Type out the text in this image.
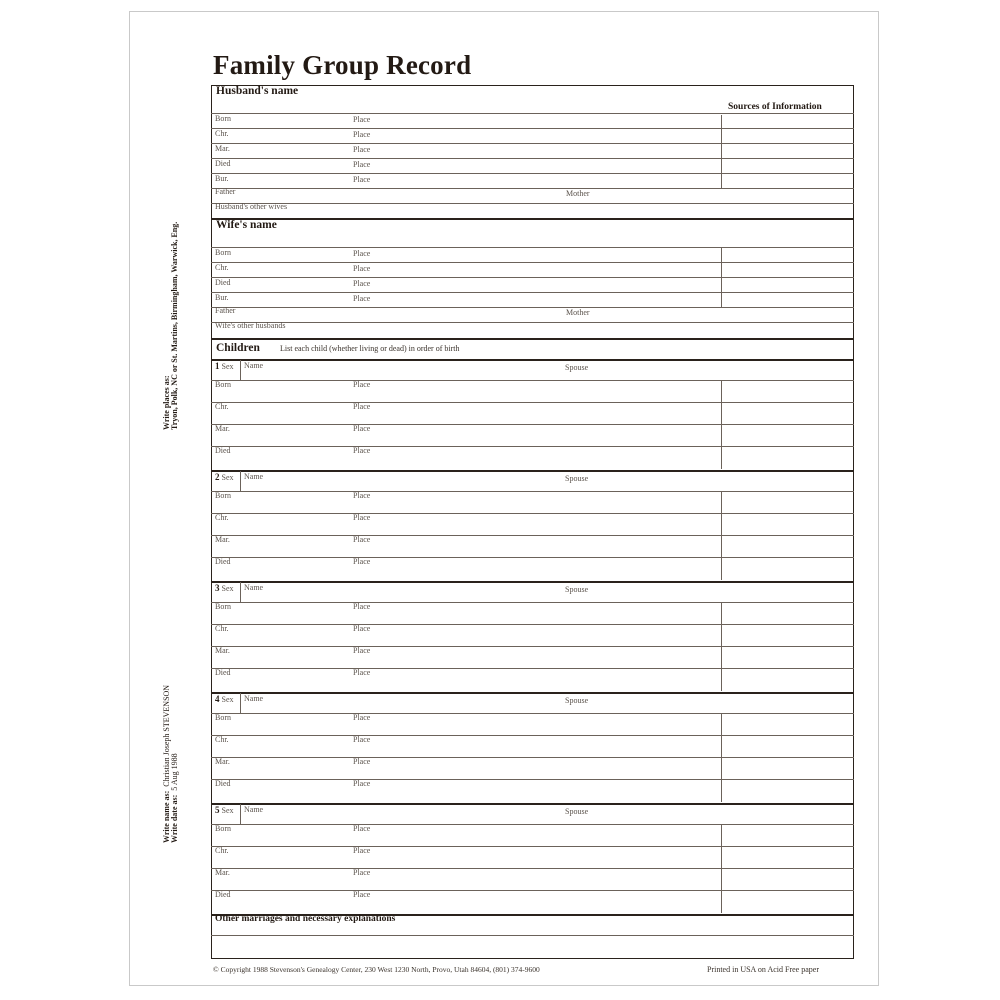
Family Group Record
Husband's name
Sources of Information
Born	Place
Chr.	Place
Mar.	Place
Died	Place
Bur.	Place
Father	Mother
Husband's other wives
Wife's name
Born	Place
Chr.	Place
Died	Place
Bur.	Place
Father	Mother
Wife's other husbands
Children	List each child (whether living or dead) in order of birth
1 Sex Name	Spouse
Born	Place
Chr.	Place
Mar.	Place
Died	Place
2 Sex Name	Spouse
Born	Place
Chr.	Place
Mar.	Place
Died	Place
3 Sex Name	Spouse
Born	Place
Chr.	Place
Mar.	Place
Died	Place
4 Sex Name	Spouse
Born	Place
Chr.	Place
Mar.	Place
Died	Place
5 Sex Name	Spouse
Born	Place
Chr.	Place
Mar.	Place
Died	Place
Other marriages and necessary explanations
Write places as: Tryon, Polk, NC or St. Martins, Birmingham, Warwick, Eng.
Write name as:  Christian Joseph STEVENSON
Write date as:  5 Aug 1988
© Copyright 1988 Stevenson's Genealogy Center, 230 West 1230 North, Provo, Utah 84604, (801) 374-9600	Printed in USA on Acid Free paper
